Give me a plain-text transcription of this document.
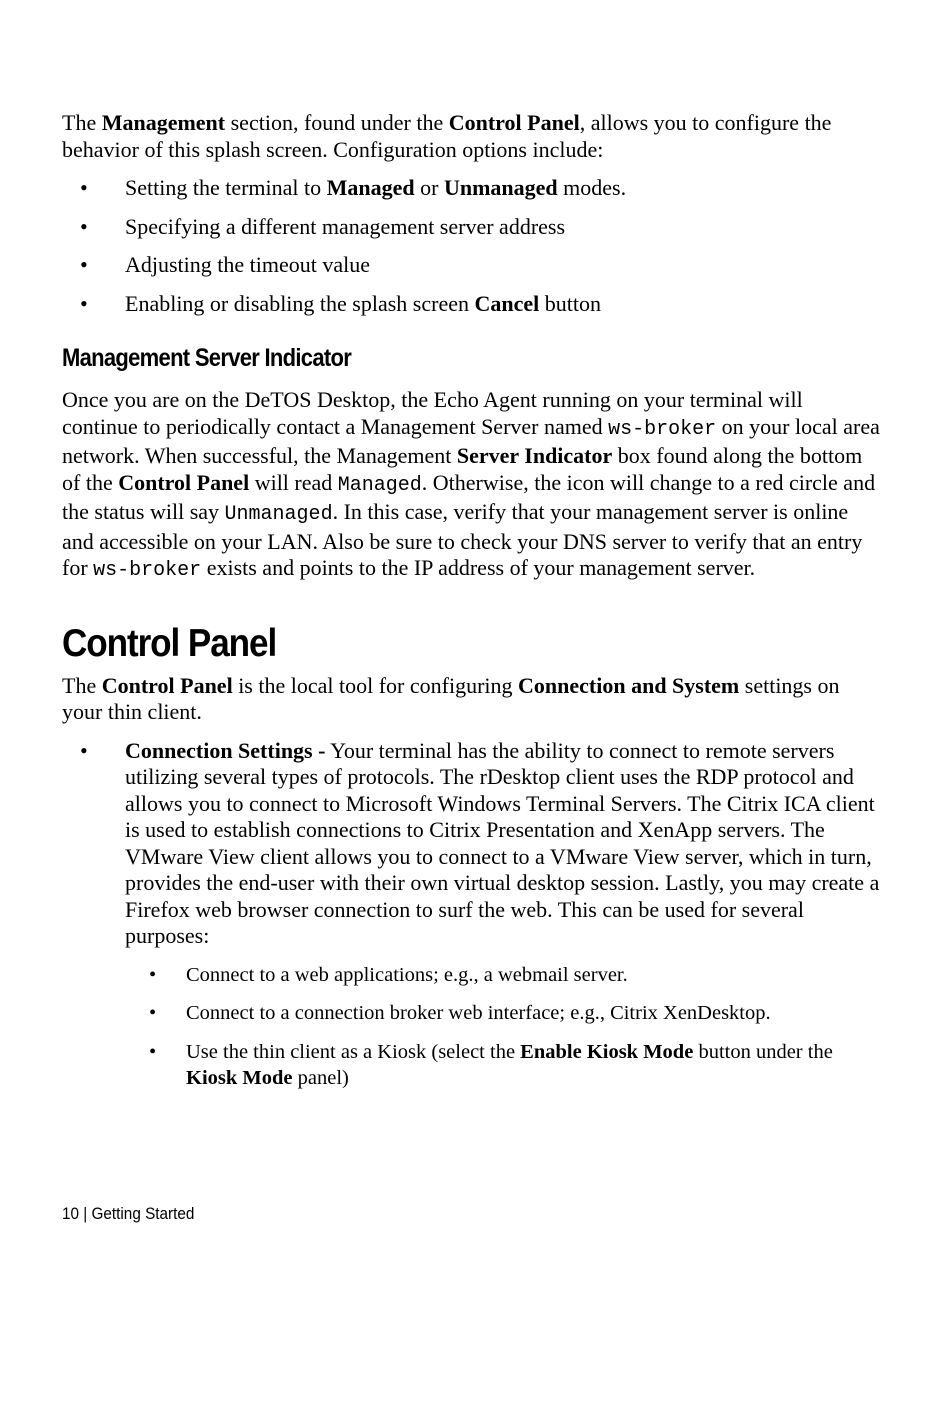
The Management section, found under the Control Panel, allows you to configure the behavior of this splash screen. Configuration options include:

• Setting the terminal to Managed or Unmanaged modes.
• Specifying a different management server address
• Adjusting the timeout value
• Enabling or disabling the splash screen Cancel button
Management Server Indicator

Once you are on the DeTOS Desktop, the Echo Agent running on your terminal will continue to periodically contact a Management Server named ws-broker on your local area network. When successful, the Management Server Indicator box found along the bottom of the Control Panel will read Managed. Otherwise, the icon will change to a red circle and the status will say Unmanaged. In this case, verify that your management server is online and accessible on your LAN. Also be sure to check your DNS server to verify that an entry for ws-broker exists and points to the IP address of your management server.

Control Panel

The Control Panel is the local tool for configuring Connection and System settings on your thin client.

• Connection Settings - Your terminal has the ability to connect to remote servers utilizing several types of protocols. The rDesktop client uses the RDP protocol and allows you to connect to Microsoft Windows Terminal Servers. The Citrix ICA client is used to establish connections to Citrix Presentation and XenApp servers. The VMware View client allows you to connect to a VMware View server, which in turn, provides the end-user with their own virtual desktop session. Lastly, you may create a Firefox web browser connection to surf the web. This can be used for several purposes:
• Connect to a web applications; e.g., a webmail server.
• Connect to a connection broker web interface; e.g., Citrix XenDesktop.
• Use the thin client as a Kiosk (select the Enable Kiosk Mode button under the Kiosk Mode panel)
10 | Getting Started
